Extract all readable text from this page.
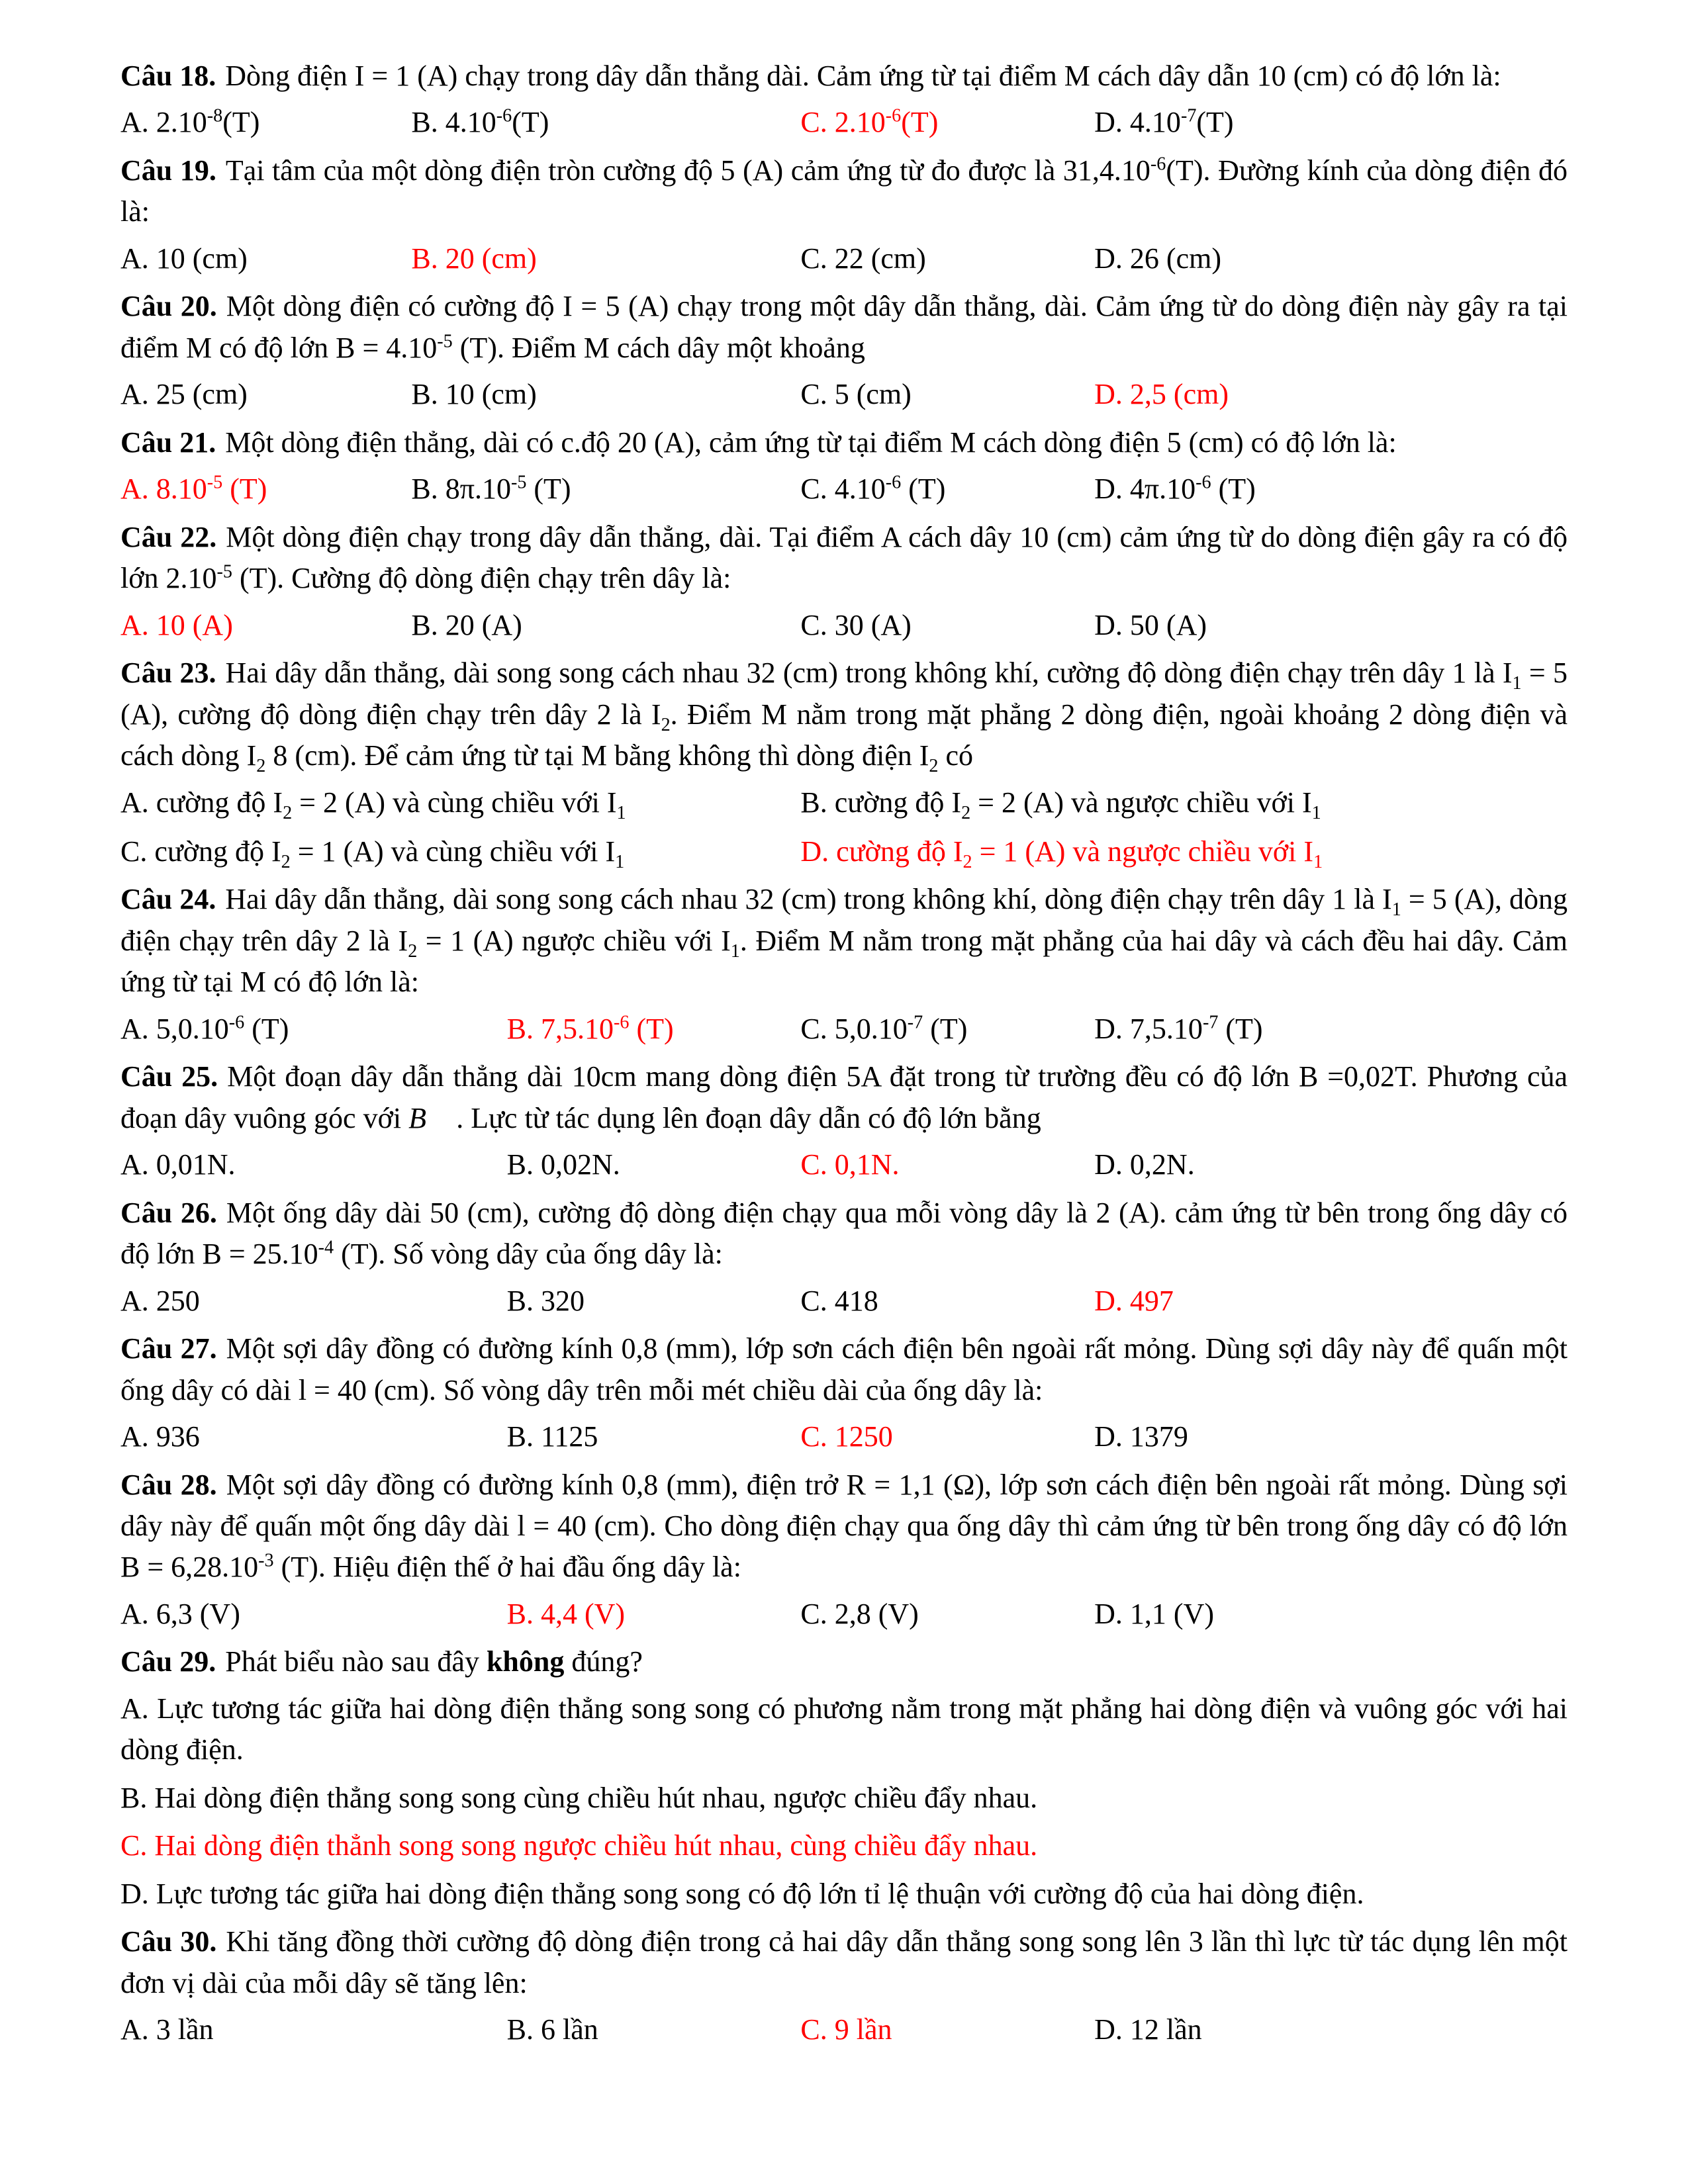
Câu 18. Dòng điện I = 1 (A) chạy trong dây dẫn thẳng dài. Cảm ứng từ tại điểm M cách dây dẫn 10 (cm) có độ lớn là:

A. $2.10^{-8}(T)$	B. $4.10^{-6}(T)$	C. $2.10^{-6}(T)$	D. $4.10^{-7}(T)$

Câu 19. Tại tâm của một dòng điện tròn cường độ 5 (A) cảm ứng từ đo được là $31,4.10^{-6}(T)$. Đường kính của dòng điện đó là:

A. 10 (cm)	B. 20 (cm)	C. 22 (cm)	D. 26 (cm)

Câu 20. Một dòng điện có cường độ I = 5 (A) chạy trong một dây dẫn thẳng, dài. Cảm ứng từ do dòng điện này gây ra tại điểm M có độ lớn $B = 4.10^{-5}$ (T). Điểm M cách dây một khoảng

A. 25 (cm)	B. 10 (cm)	C. 5 (cm)	D. 2,5 (cm)

Câu 21. Một dòng điện thẳng, dài có c.độ 20 (A), cảm ứng từ tại điểm M cách dòng điện 5 (cm) có độ lớn là:

A. $8.10^{-5}$ (T)	B. $8\pi.10^{-5}$ (T)	C. $4.10^{-6}$ (T)	D. $4\pi.10^{-6}$ (T)

Câu 22. Một dòng điện chạy trong dây dẫn thẳng, dài. Tại điểm A cách dây 10 (cm) cảm ứng từ do dòng điện gây ra có độ lớn $2.10^{-5}$ (T). Cường độ dòng điện chạy trên dây là:

A. 10 (A)	B. 20 (A)	C. 30 (A)	D. 50 (A)

Câu 23. Hai dây dẫn thẳng, dài song song cách nhau 32 (cm) trong không khí, cường độ dòng điện chạy trên dây 1 là $I_1 = 5$ (A), cường độ dòng điện chạy trên dây 2 là $I_2$. Điểm M nằm trong mặt phẳng 2 dòng điện, ngoài khoảng 2 dòng điện và cách dòng $I_2$ 8 (cm). Để cảm ứng từ tại M bằng không thì dòng điện $I_2$ có

A. cường độ $I_2 = 2$ (A) và cùng chiều với $I_1$	B. cường độ $I_2 = 2$ (A) và ngược chiều với $I_1$
C. cường độ $I_2 = 1$ (A) và cùng chiều với $I_1$	D. cường độ $I_2 = 1$ (A) và ngược chiều với $I_1$

Câu 24. Hai dây dẫn thẳng, dài song song cách nhau 32 (cm) trong không khí, dòng điện chạy trên dây 1 là $I_1 = 5$ (A), dòng điện chạy trên dây 2 là $I_2 = 1$ (A) ngược chiều với $I_1$. Điểm M nằm trong mặt phẳng của hai dây và cách đều hai dây. Cảm ứng từ tại M có độ lớn là:

A. $5,0.10^{-6}$ (T)	B. $7,5.10^{-6}$ (T)	C. $5,0.10^{-7}$ (T)	D. $7,5.10^{-7}$ (T)

Câu 25. Một đoạn dây dẫn thẳng dài 10cm mang dòng điện 5A đặt trong từ trường đều có độ lớn B =0,02T. Phương của đoạn dây vuông góc với B⃗ . Lực từ tác dụng lên đoạn dây dẫn có độ lớn bằng

A. 0,01N.	B. 0,02N.	C. 0,1N.	D. 0,2N.

Câu 26. Một ống dây dài 50 (cm), cường độ dòng điện chạy qua mỗi vòng dây là 2 (A). cảm ứng từ bên trong ống dây có độ lớn $B = 25.10^{-4}$ (T). Số vòng dây của ống dây là:

A. 250	B. 320	C. 418	D. 497

Câu 27. Một sợi dây đồng có đường kính 0,8 (mm), lớp sơn cách điện bên ngoài rất mỏng. Dùng sợi dây này để quấn một ống dây có dài l = 40 (cm). Số vòng dây trên mỗi mét chiều dài của ống dây là:

A. 936	B. 1125	C. 1250	D. 1379

Câu 28. Một sợi dây đồng có đường kính 0,8 (mm), điện trở R = 1,1 (Ω), lớp sơn cách điện bên ngoài rất mỏng. Dùng sợi dây này để quấn một ống dây dài l = 40 (cm). Cho dòng điện chạy qua ống dây thì cảm ứng từ bên trong ống dây có độ lớn $B = 6,28.10^{-3}$ (T). Hiệu điện thế ở hai đầu ống dây là:

A. 6,3 (V)	B. 4,4 (V)	C. 2,8 (V)	D. 1,1 (V)

Câu 29. Phát biểu nào sau đây không đúng?

A. Lực tương tác giữa hai dòng điện thẳng song song có phương nằm trong mặt phẳng hai dòng điện và vuông góc với hai dòng điện.
B. Hai dòng điện thẳng song song cùng chiều hút nhau, ngược chiều đẩy nhau.
C. Hai dòng điện thẳnh song song ngược chiều hút nhau, cùng chiều đẩy nhau.
D. Lực tương tác giữa hai dòng điện thẳng song song có độ lớn tỉ lệ thuận với cường độ của hai dòng điện.

Câu 30. Khi tăng đồng thời cường độ dòng điện trong cả hai dây dẫn thẳng song song lên 3 lần thì lực từ tác dụng lên một đơn vị dài của mỗi dây sẽ tăng lên:

A. 3 lần	B. 6 lần	C. 9 lần	D. 12 lần
